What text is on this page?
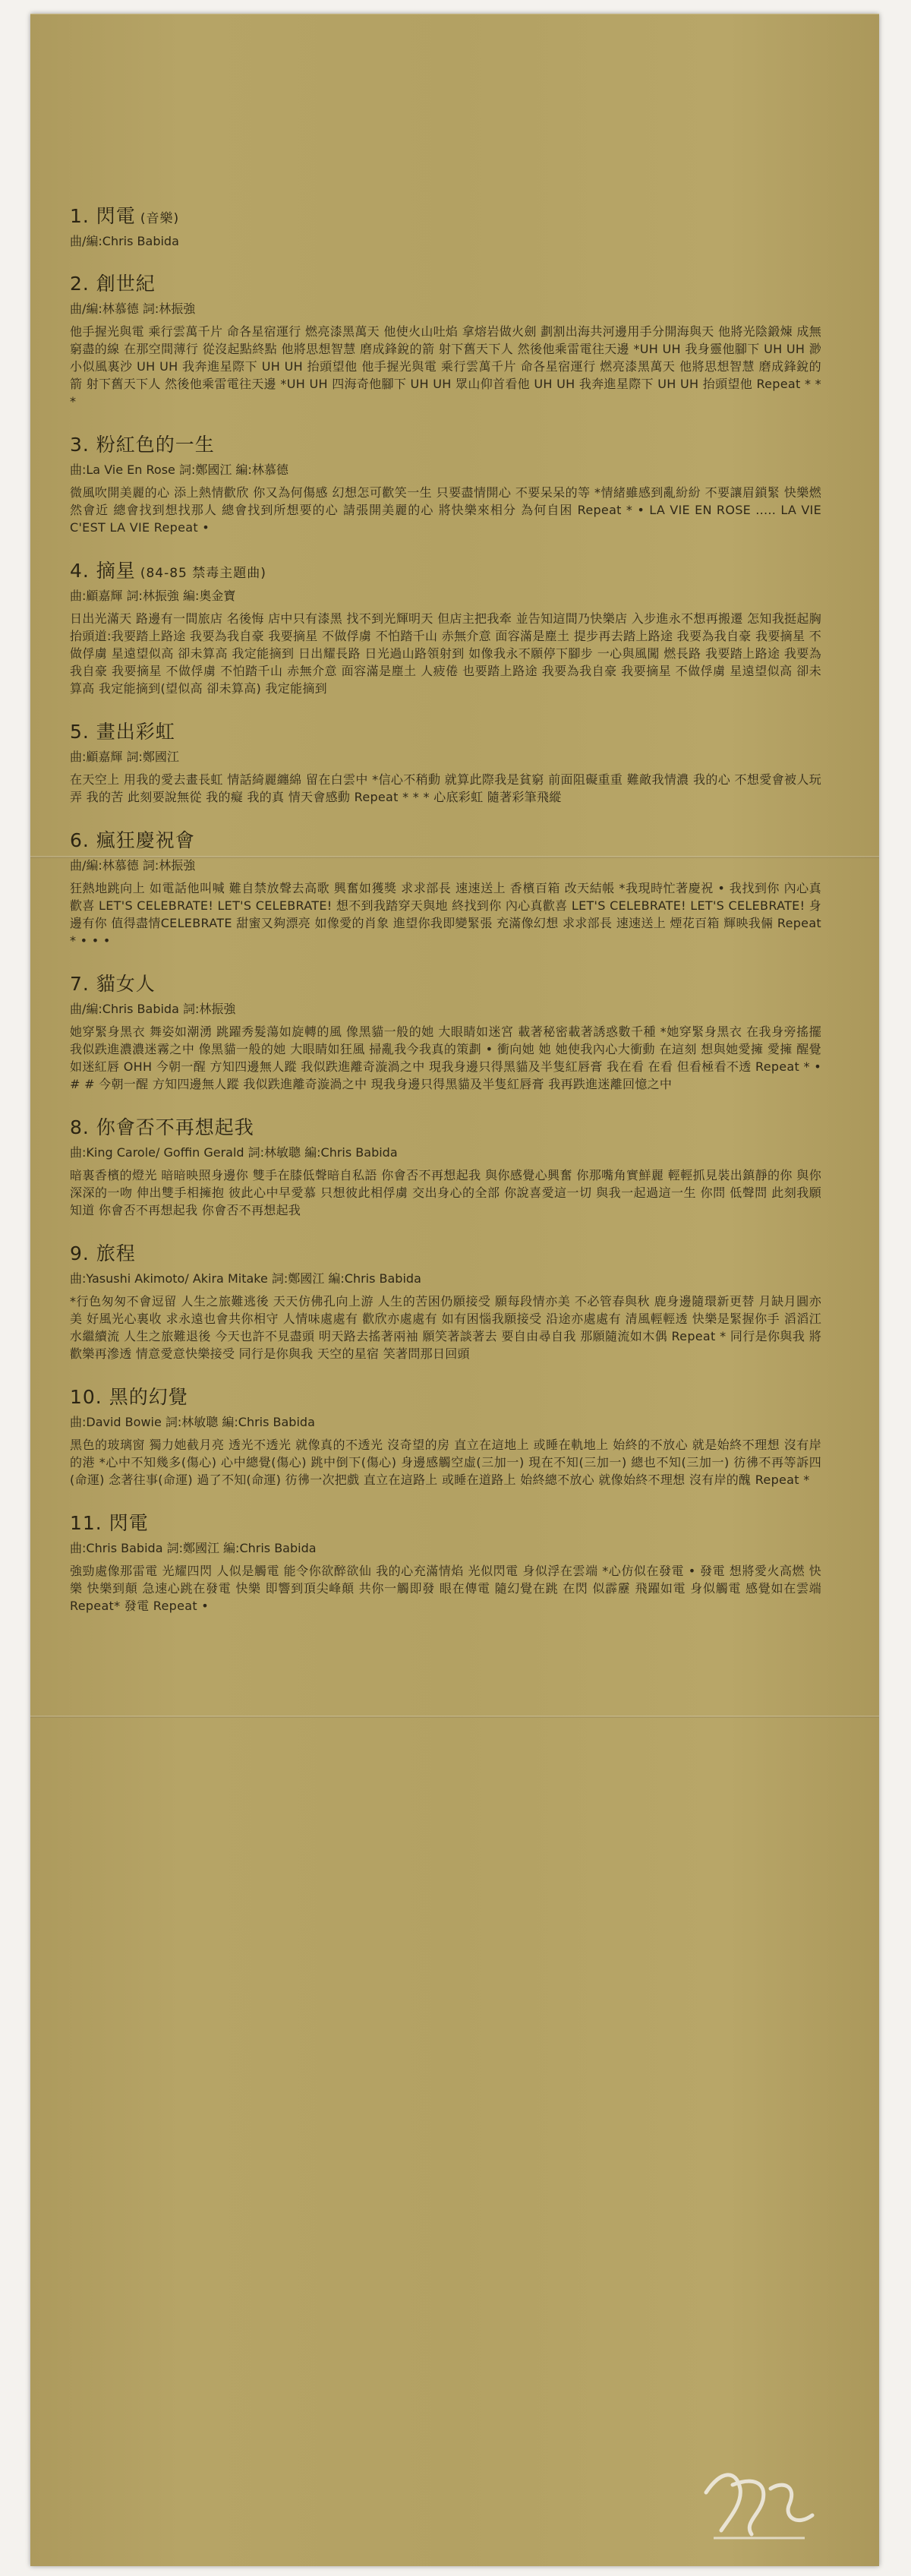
1. 閃電 (音樂)
曲/編:Chris Babida
2. 創世紀
曲/編:林慕德 詞:林振強
他手握光與電 乘行雲萬千片 命各星宿運行 燃亮漆黑萬天 他使火山吐焰 拿熔岩做火劍 劃割出海共河邊用手分開海與天 他將光陰鍛煉 成無窮盡的線 在那空間薄行 從沒起點終點 他將思想智慧 磨成鋒銳的箭 射下舊天下人 然後他乘雷電往天邊 *UH UH 我身靈他腳下 UH UH 渺小似風裏沙 UH UH 我奔進星際下 UH UH 抬頭望他 他手握光與電 乘行雲萬千片 命各星宿運行 燃亮漆黑萬天 他將思想智慧 磨成鋒銳的箭 射下舊天下人 然後他乘雷電往天邊 *UH UH 四海奇他腳下 UH UH 眾山仰首看他 UH UH 我奔進星際下 UH UH 抬頭望他 Repeat * * *
3. 粉紅色的一生
曲:La Vie En Rose 詞:鄭國江 編:林慕德
微風吹開美麗的心 添上熱情歡欣 你又為何傷感 幻想怎可歡笑一生 只要盡情開心 不要呆呆的等 *情緒雖感到亂紛紛 不要讓眉鎖緊 快樂燃然會近 總會找到想找那人 總會找到所想要的心 請張開美麗的心 將快樂來相分 為何自困 Repeat * • LA VIE EN ROSE ..... LA VIE C'EST LA VIE Repeat •
4. 摘星 (84-85 禁毒主題曲)
曲:顧嘉輝 詞:林振強 編:奧金寶
日出光滿天 路邊有一間旅店 名後悔 店中只有漆黑 找不到光輝明天 但店主把我牽 並告知這間乃快樂店 入步進永不想再搬遷 怎知我挺起胸 抬頭道:我要踏上路途 我要為我自豪 我要摘星 不做俘虜 不怕踏千山 赤無介意 面容滿是塵土 提步再去踏上路途 我要為我自豪 我要摘星 不做俘虜 星遠望似高 卻未算高 我定能摘到 日出耀長路 日光過山路領射到 如像我永不願停下腳步 一心與風闖 燃長路 我要踏上路途 我要為我自豪 我要摘星 不做俘虜 不怕踏千山 赤無介意 面容滿是塵土 人疲倦 也要踏上路途 我要為我自豪 我要摘星 不做俘虜 星遠望似高 卻未算高 我定能摘到(望似高 卻未算高) 我定能摘到
5. 畫出彩虹
曲:顧嘉輝 詞:鄭國江
在天空上 用我的愛去畫長虹 情話綺麗纏綿 留在白雲中 *信心不稍動 就算此際我是貧窮 前面阻礙重重 難敵我情濃 我的心 不想愛會被人玩弄 我的苦 此刻要說無從 我的癡 我的真 情天會感動 Repeat * * * 心底彩虹 隨著彩筆飛縱
6. 瘋狂慶祝會
曲/編:林慕德 詞:林振強
狂熱地跳向上 如電話他叫喊 難自禁放聲去高歌 興奮如獲獎 求求部長 速速送上 香檳百箱 改天結帳 *我現時忙著慶祝 • 我找到你 內心真歡喜 LET'S CELEBRATE! LET'S CELEBRATE! 想不到我踏穿天與地 終找到你 內心真歡喜 LET'S CELEBRATE! LET'S CELEBRATE! 身邊有你 值得盡情CELEBRATE 甜蜜又夠漂亮 如像愛的肖象 進望你我即變緊張 充滿像幻想 求求部長 速速送上 煙花百箱 輝映我倆 Repeat * • • •
7. 貓女人
曲/編:Chris Babida 詞:林振強
她穿緊身黑衣 舞姿如潮湧 跳躍秀髮蕩如旋轉的風 像黑貓一般的她 大眼睛如迷宮 載著秘密載著誘惑數千種 *她穿緊身黑衣 在我身旁搖擺 我似跌進濃濃迷霧之中 像黑貓一般的她 大眼睛如狂風 掃亂我今我真的策劃 • 衝向她 她 她使我內心大衝動 在這刻 想與她愛擁 愛擁 醒覺 如迷紅唇 OHH 今朝一醒 方知四邊無人蹤 我似跌進離奇漩渦之中 現我身邊只得黑貓及半隻紅唇膏 我在看 在看 但看極看不透 Repeat * • # # 今朝一醒 方知四邊無人蹤 我似跌進離奇漩渦之中 現我身邊只得黑貓及半隻紅唇膏 我再跌進迷離回憶之中
8. 你會否不再想起我
曲:King Carole/ Goffin Gerald 詞:林敏聰 編:Chris Babida
暗裏香檳的燈光 暗暗映照身邊你 雙手在膝低聲暗自私語 你會否不再想起我 與你感覺心興奮 你那嘴角實鮮麗 輕輕抓見裝出鎮靜的你 與你深深的一吻 伸出雙手相擁抱 彼此心中早愛慕 只想彼此相俘虜 交出身心的全部 你說喜愛這一切 與我一起過這一生 你問 低聲問 此刻我願知道 你會否不再想起我 你會否不再想起我
9. 旅程
曲:Yasushi Akimoto/ Akira Mitake 詞:鄭國江 編:Chris Babida
*行色匆匆不會逗留 人生之旅難逃後 天天仿佛孔向上游 人生的苦困仍願接受 願每段情亦美 不必管春與秋 鹿身邊隨環新更替 月缺月圓亦美 好風光心裏收 求永遠也會共你相守 人情味處處有 歡欣亦處處有 如有困惱我願接受 沿途亦處處有 清風輕輕透 快樂是緊握你手 滔滔江水繼續流 人生之旅難退後 今天也許不見盡頭 明天路去搖著兩袖 願笑著談著去 要自由尋自我 那願隨流如木偶 Repeat * 同行是你與我 將歡樂再滲透 情意愛意快樂接受 同行是你與我 天空的星宿 笑著問那日回頭
10. 黑的幻覺
曲:David Bowie 詞:林敏聰 編:Chris Babida
黑色的玻璃窗 獨力她截月亮 透光不透光 就像真的不透光 沒奇望的房 直立在這地上 或睡在軌地上 始終的不放心 就是始終不理想 沒有岸的港 *心中不知幾多(傷心) 心中總覺(傷心) 跳中倒下(傷心) 身邊感觸空虛(三加一) 現在不知(三加一) 總也不知(三加一) 彷彿不再等訴四(命運) 念著往事(命運) 過了不知(命運) 彷彿一次把戲 直立在這路上 或睡在道路上 始終總不放心 就像始終不理想 沒有岸的醜 Repeat *
11. 閃電
曲:Chris Babida 詞:鄭國江 編:Chris Babida
強勁處像那雷電 光耀四閃 人似是觸電 能令你欲醉欲仙 我的心充滿情焰 光似閃電 身似浮在雲端 *心仿似在發電 • 發電 想將愛火高燃 快樂 快樂到顛 急速心跳在發電 快樂 即響到頂尖峰顛 共你一觸即發 眼在傳電 隨幻覺在跳 在閃 似霹靂 飛躍如電 身似觸電 感覺如在雲端 Repeat* 發電 Repeat •
